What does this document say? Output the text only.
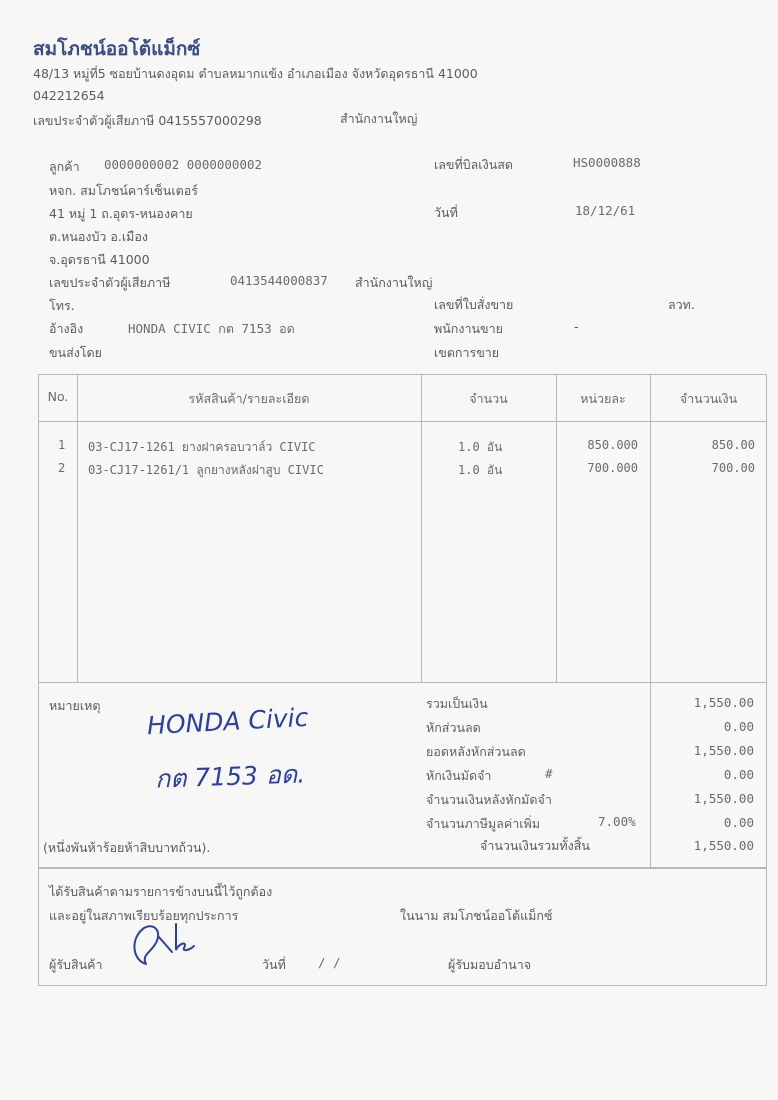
สมโภชน์ออโต้แม็กซ์
48/13 หมู่ที่5 ซอยบ้านดงอุดม ตำบลหมากแข้ง อำเภอเมือง จังหวัดอุดรธานี 41000
042212654
เลขประจำตัวผู้เสียภาษี 0415557000298	สำนักงานใหญ่
ลูกค้า 0000000002 0000000002
หจก. สมโภชน์คาร์เซ็นเตอร์
41 หมู่ 1 ถ.อุดร-หนองคาย
ต.หนองบัว อ.เมือง
จ.อุดรธานี 41000
เลขประจำตัวผู้เสียภาษี	0413544000837 สำนักงานใหญ่
โทร.
อ้างอิง	HONDA CIVIC กต 7153 อด
ขนส่งโดย
เลขที่บิลเงินสด	HS0000888
วันที่	18/12/61
เลขที่ใบสั่งขาย	ลวท.
พนักงานขาย	-
เขตการขาย
No.	รหัสสินค้า/รายละเอียด	จำนวน	หน่วยละ	จำนวนเงิน
1 03-CJ17-1261 ยางฝาครอบวาล์ว CIVIC	1.0 อัน	850.000	850.00
2 03-CJ17-1261/1 ลูกยางหลังฝาสูบ CIVIC	1.0 อัน	700.000	700.00
หมายเหตุ
(หนึ่งพันห้าร้อยห้าสิบบาทถ้วน).
รวมเป็นเงิน	1,550.00
หักส่วนลด	0.00
ยอดหลังหักส่วนลด	1,550.00
หักเงินมัดจำ	#	0.00
จำนวนเงินหลังหักมัดจำ	1,550.00
จำนวนภาษีมูลค่าเพิ่ม	7.00%	0.00
จำนวนเงินรวมทั้งสิ้น	1,550.00
HONDA Civic
กต 7153 อด.
ได้รับสินค้าตามรายการข้างบนนี้ไว้ถูกต้อง
และอยู่ในสภาพเรียบร้อยทุกประการ	ในนาม สมโภชน์ออโต้แม็กซ์
ผู้รับสินค้า	วันที่	/ /	ผู้รับมอบอำนาจ
